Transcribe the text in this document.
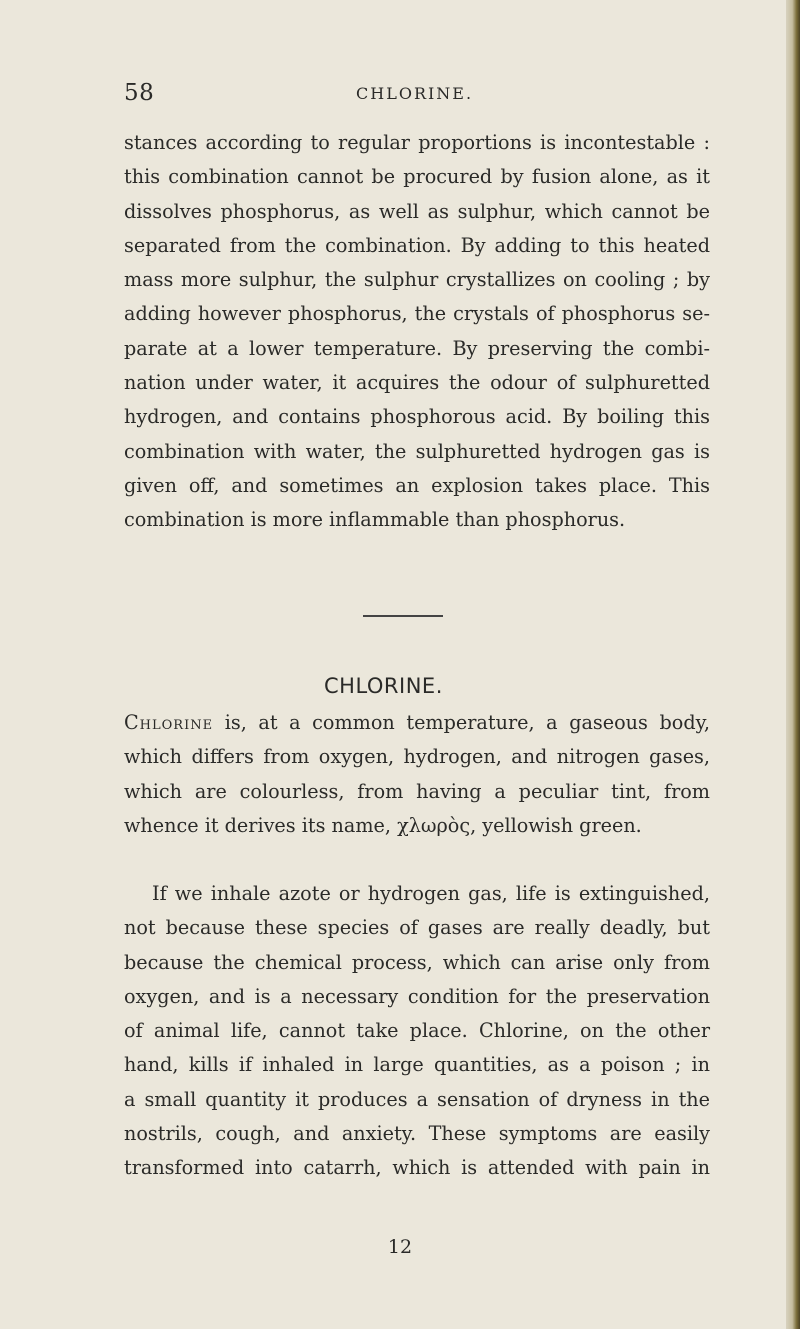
58	CHLORINE.
stances according to regular proportions is incontestable :
this combination cannot be procured by fusion alone, as it
dissolves phosphorus, as well as sulphur, which cannot be
separated from the combination. By adding to this heated
mass more sulphur, the sulphur crystallizes on cooling ; by
adding however phosphorus, the crystals of phosphorus se-
parate at a lower temperature. By preserving the combi-
nation under water, it acquires the odour of sulphuretted
hydrogen, and contains phosphorous acid. By boiling this
combination with water, the sulphuretted hydrogen gas is
given off, and sometimes an explosion takes place. This
combination is more inflammable than phosphorus.
CHLORINE.
Chlorine is, at a common temperature, a gaseous body,
which differs from oxygen, hydrogen, and nitrogen gases,
which are colourless, from having a peculiar tint, from
whence it derives its name, χλωρὸς, yellowish green.
If we inhale azote or hydrogen gas, life is extinguished,
not because these species of gases are really deadly, but
because the chemical process, which can arise only from
oxygen, and is a necessary condition for the preservation
of animal life, cannot take place. Chlorine, on the other
hand, kills if inhaled in large quantities, as a poison ; in
a small quantity it produces a sensation of dryness in the
nostrils, cough, and anxiety. These symptoms are easily
transformed into catarrh, which is attended with pain in
12
